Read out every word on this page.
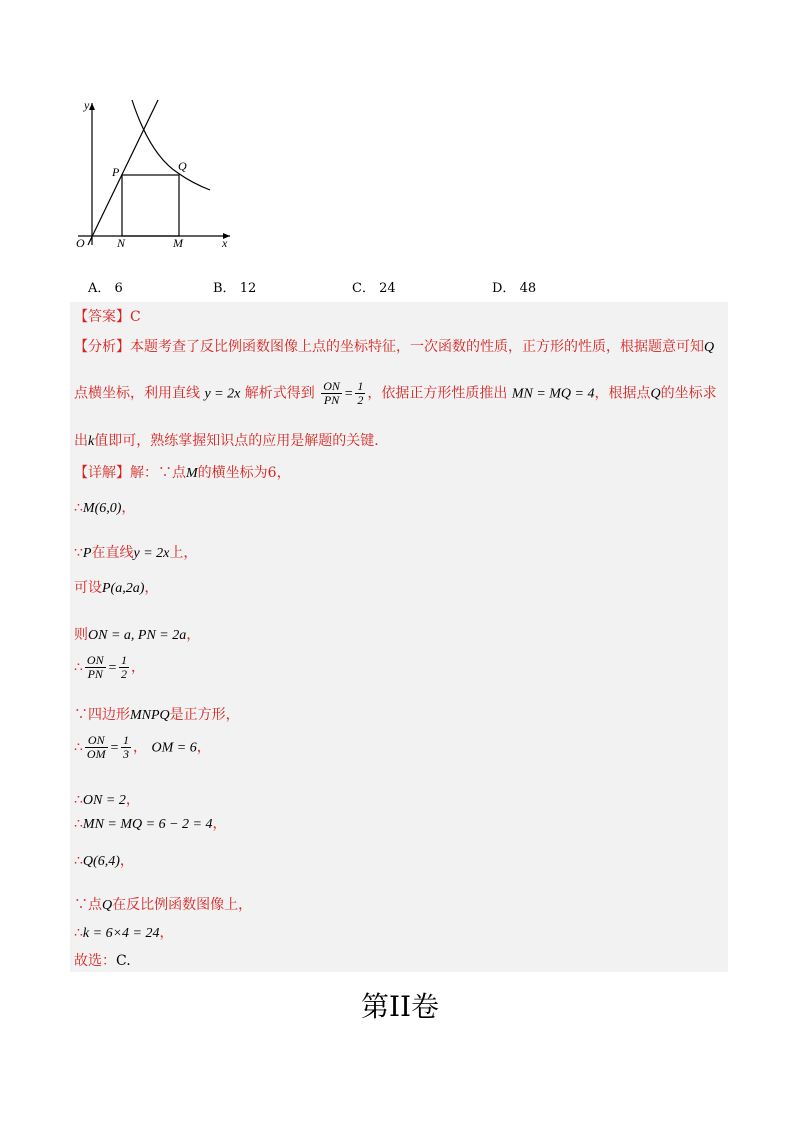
y
x
O	N	M
P	Q
A． 6	B． 12	C． 24	D． 48
【答案】C
【分析】本题考查了反比例函数图像上点的坐标特征，一次函数的性质，正方形的性质，根据题意可知Q
点横坐标，利用直线 y = 2x 解析式得到 $\frac{ON}{PN} = \frac{1}{2}$ ，依据正方形性质推出 MN = MQ = 4，根据点Q的坐标求
出k值即可，熟练掌握知识点的应用是解题的关键.
【详解】解：∵点M的横坐标为6，
∴M(6,0)，
∵P在直线y = 2x上，
可设P(a,2a)，
则ON = a, PN = 2a，
∴ $\frac{ON}{PN} = \frac{1}{2}$ ，
∵四边形MNPQ是正方形，
∴ $\frac{ON}{OM} = \frac{1}{3}$ ， OM = 6，
∴ON = 2，
∴MN = MQ = 6 − 2 = 4，
∴Q(6,4)，
∵点Q在反比例函数图像上，
∴k = 6×4 = 24，
故选：C.
第II卷
